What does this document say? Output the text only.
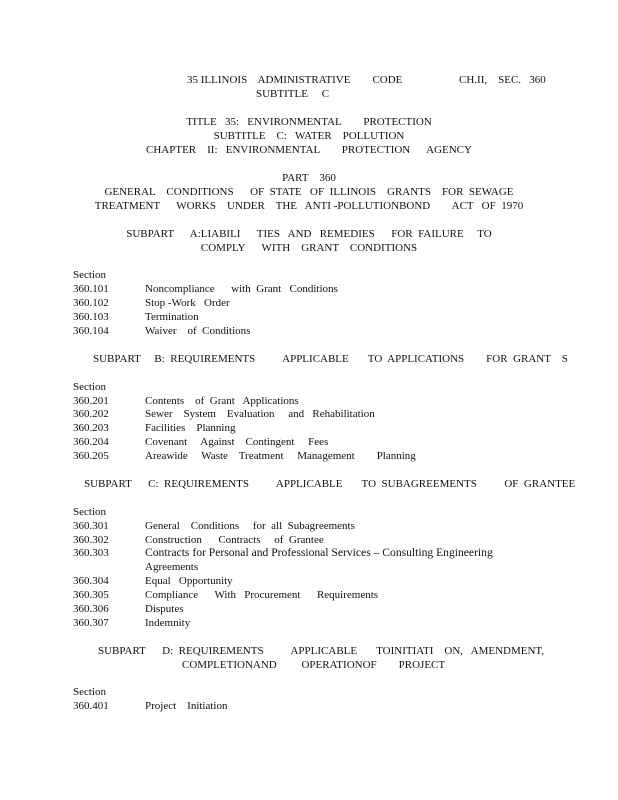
35 ILLINOIS    ADMINISTRATIVE        CODE	CH.II,    SEC.   360
SUBTITLE     C
TITLE   35:   ENVIRONMENTAL        PROTECTION
SUBTITLE    C:   WATER    POLLUTION
CHAPTER    II:   ENVIRONMENTAL        PROTECTION      AGENCY
PART    360
GENERAL    CONDITIONS      OF  STATE   OF  ILLINOIS    GRANTS    FOR  SEWAGE
TREATMENT      WORKS    UNDER    THE   ANTI -POLLUTIONBOND        ACT   OF  1970
SUBPART      A:LIABILI      TIES   AND   REMEDIES      FOR  FAILURE     TO
COMPLY      WITH    GRANT    CONDITIONS
Section
360.101	Noncompliance      with  Grant   Conditions
360.102	Stop -Work   Order
360.103	Termination
360.104	Waiver    of  Conditions
SUBPART     B:  REQUIREMENTS          APPLICABLE       TO  APPLICATIONS        FOR  GRANT    S
Section
360.201	Contents    of  Grant   Applications
360.202	Sewer    System    Evaluation     and   Rehabilitation
360.203	Facilities    Planning
360.204	Covenant     Against    Contingent     Fees
360.205	Areawide     Waste    Treatment     Management        Planning
SUBPART      C:  REQUIREMENTS          APPLICABLE       TO  SUBAGREEMENTS          OF  GRANTEE
Section
360.301	General    Conditions     for  all  Subagreements
360.302	Construction      Contracts     of  Grantee
360.303	Contracts for Personal and Professional Services – Consulting Engineering
Agreements
360.304	Equal   Opportunity
360.305	Compliance      With   Procurement      Requirements
360.306	Disputes
360.307	Indemnity
SUBPART      D:  REQUIREMENTS          APPLICABLE       TOINITIATI    ON,   AMENDMENT,
COMPLETIONAND         OPERATIONOF        PROJECT
Section
360.401	Project    Initiation
